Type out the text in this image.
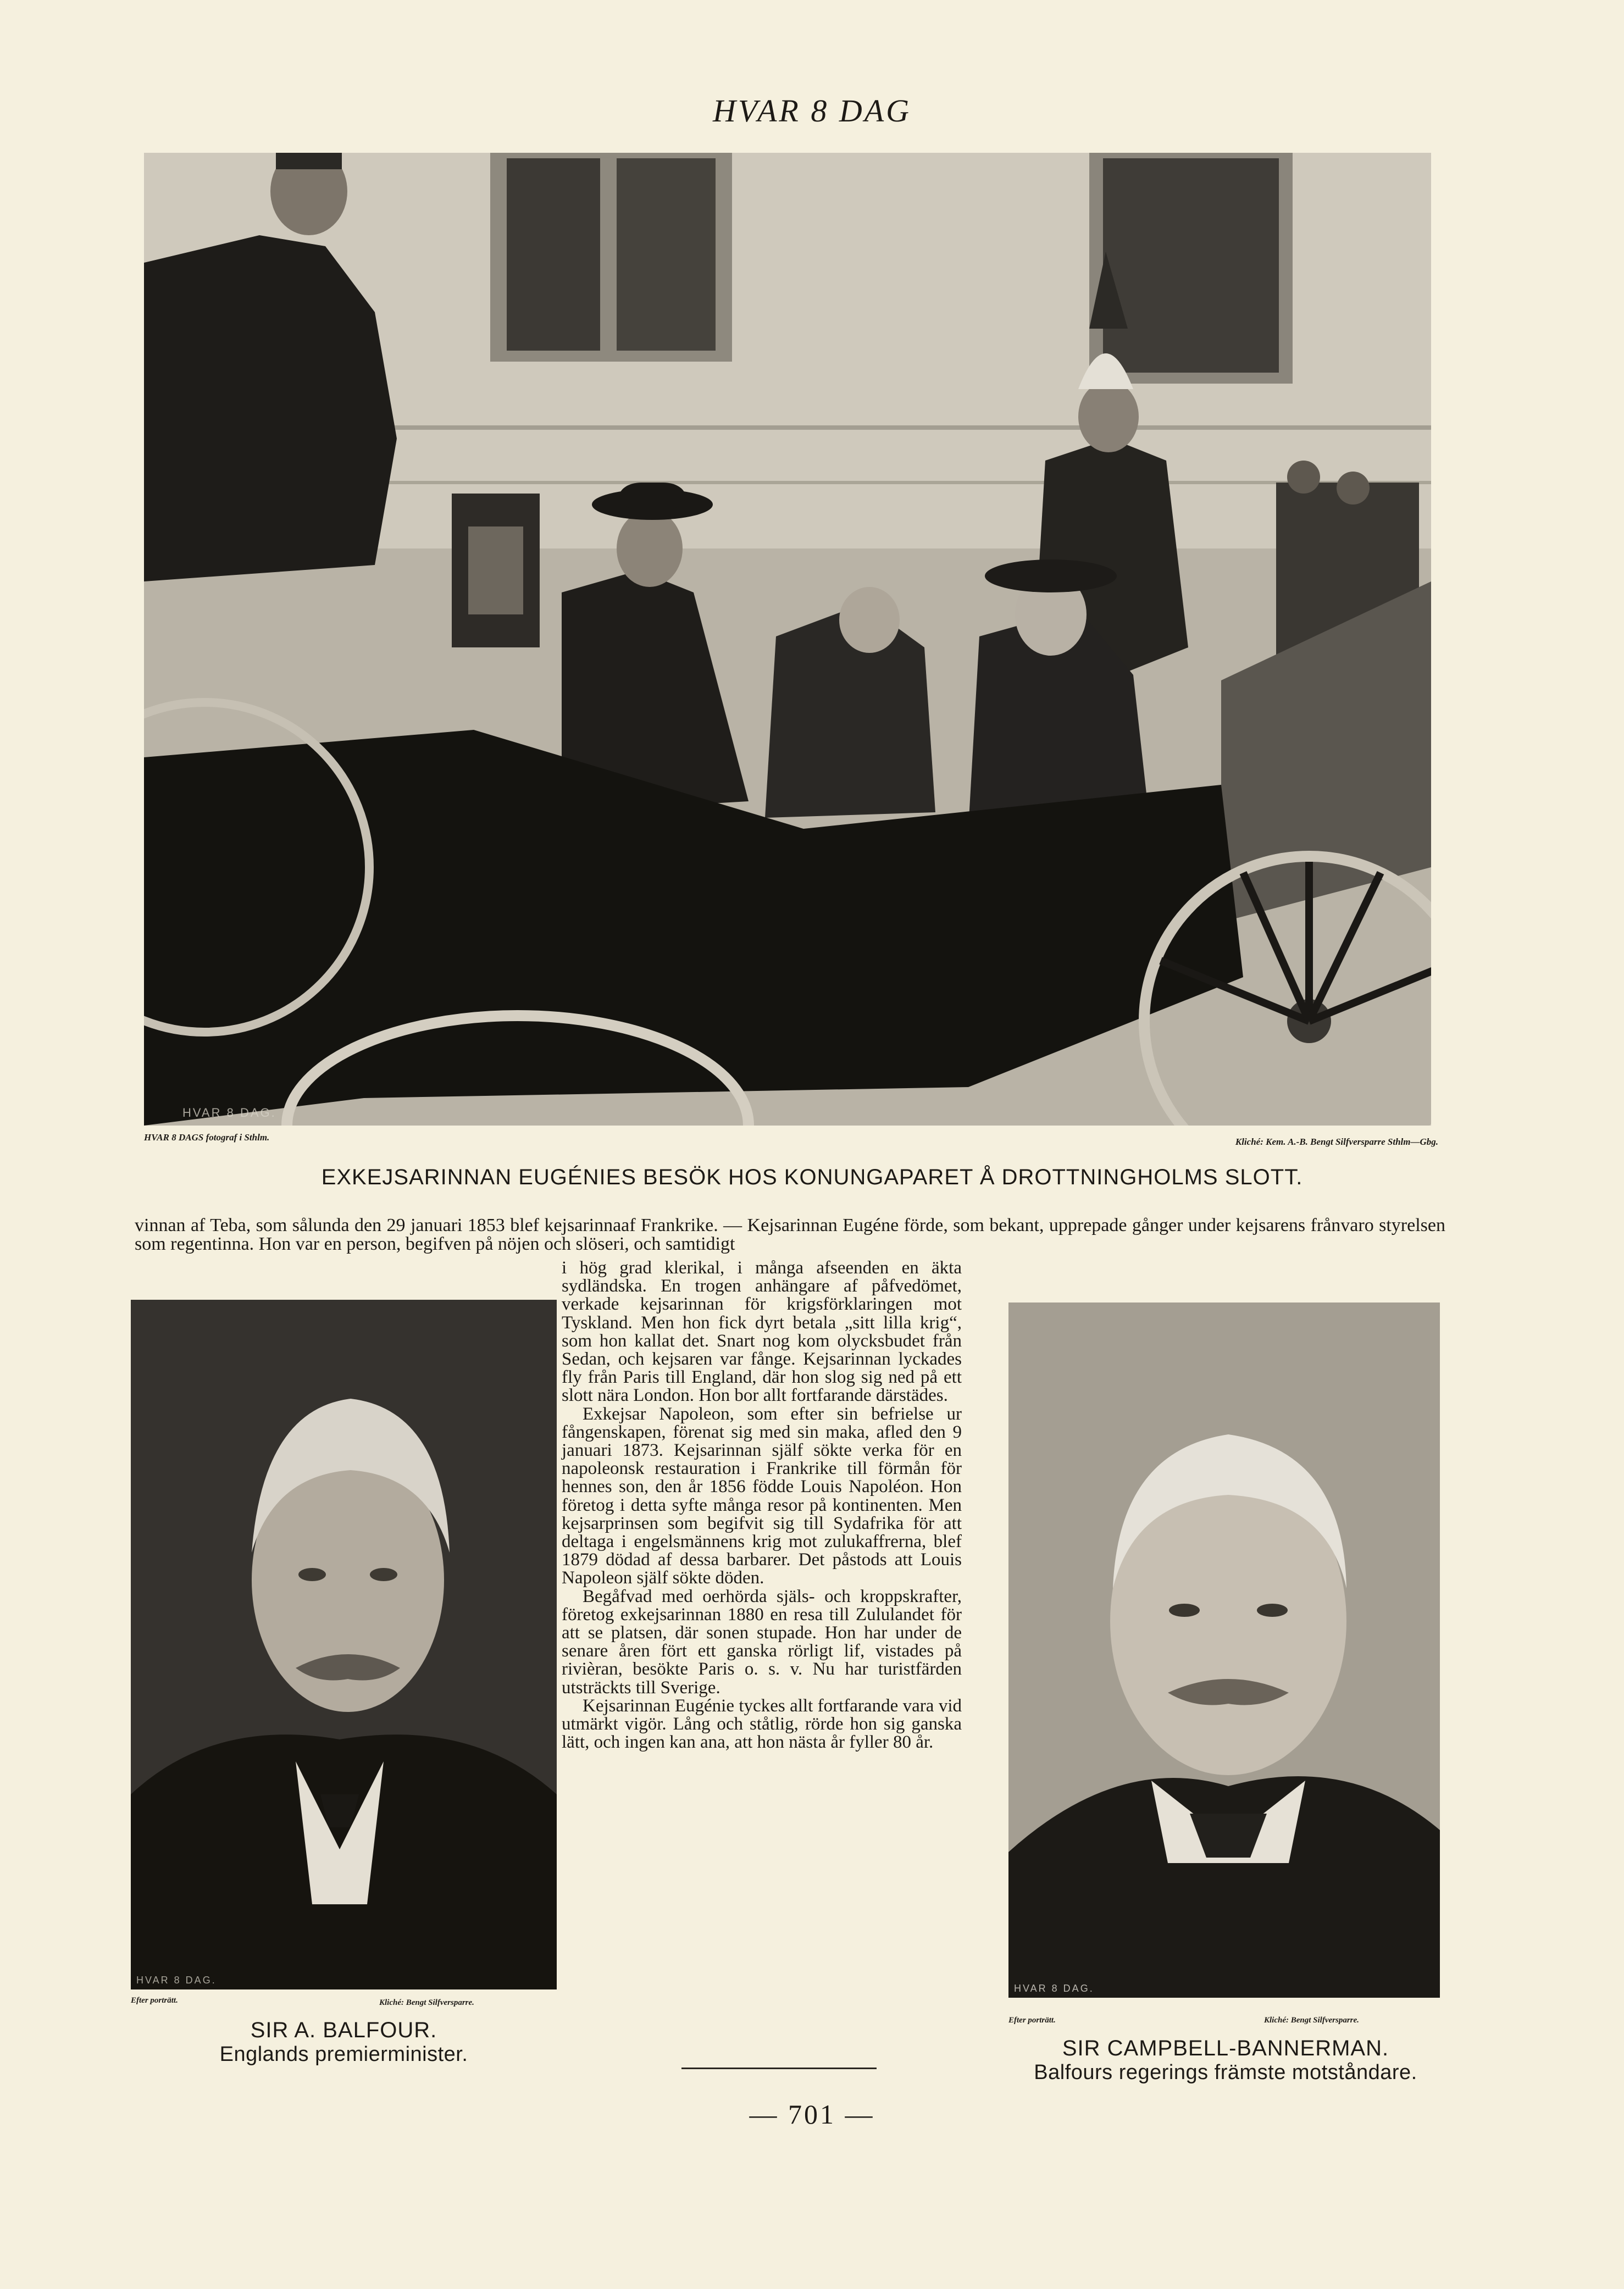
HVAR 8 DAG
HVAR 8 DAG.
HVAR 8 DAGS fotograf i Sthlm.	Kliché: Kem. A.-B. Bengt Silfversparre Sthlm—Gbg.
EXKEJSARINNAN EUGÉNIES BESÖK HOS KONUNGAPARET Å DROTTNINGHOLMS SLOTT.

vinnan af Teba, som sålunda den 29 januari 1853 blef kejsarinnaaf Frankrike. — Kejsarinnan Eugéne förde, som bekant, upprepade gånger under kejsarens frånvaro styrelsen som regentinna. Hon var en person, begifven på nöjen och slöseri, och samtidigt

HVAR 8 DAG.
Efter porträtt.	Kliché: Bengt Silfversparre.
SIR A. BALFOUR.
Englands premierminister.

i hög grad klerikal, i många afseenden en äkta sydländska. En trogen anhängare af påfvedömet, verkade kejsarinnan för krigsförklaringen mot Tyskland. Men hon fick dyrt betala „sitt lilla krig“, som hon kallat det. Snart nog kom olycksbudet från Sedan, och kejsaren var fånge. Kejsarinnan lyckades fly från Paris till England, där hon slog sig ned på ett slott nära London. Hon bor allt fortfarande därstädes.

Exkejsar Napoleon, som efter sin befrielse ur fångenskapen, förenat sig med sin maka, afled den 9 januari 1873. Kejsarinnan själf sökte verka för en napoleonsk restauration i Frankrike till förmån för hennes son, den år 1856 födde Louis Napoléon. Hon företog i detta syfte många resor på kontinenten. Men kejsarprinsen som begifvit sig till Sydafrika för att deltaga i engelsmännens krig mot zulukaffrerna, blef 1879 dödad af dessa barbarer. Det påstods att Louis Napoleon själf sökte döden.

Begåfvad med oerhörda själs- och kroppskrafter, företog exkejsarinnan 1880 en resa till Zululandet för att se platsen, där sonen stupade. Hon har under de senare åren fört ett ganska rörligt lif, vistades på rivièran, besökte Paris o. s. v. Nu har turistfärden utsträckts till Sverige.

Kejsarinnan Eugénie tyckes allt fortfarande vara vid utmärkt vigör. Lång och ståtlig, rörde hon sig ganska lätt, och ingen kan ana, att hon nästa år fyller 80 år.

HVAR 8 DAG.
Efter porträtt.	Kliché: Bengt Silfversparre.
SIR CAMPBELL-BANNERMAN.
Balfours regerings främste motståndare.
— 701 —
